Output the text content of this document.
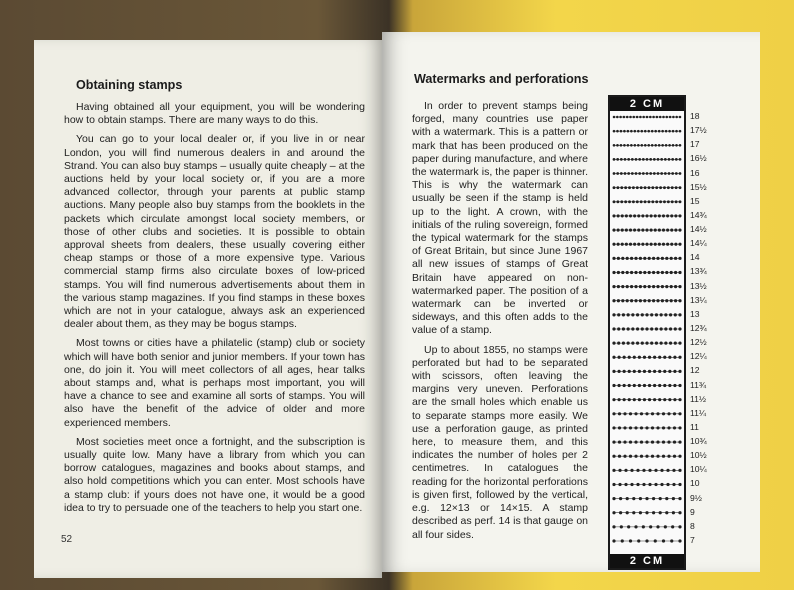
Obtaining stamps

Having obtained all your equipment, you will be wondering how to obtain stamps. There are many ways to do this.

You can go to your local dealer or, if you live in or near London, you will find numerous dealers in and around the Strand. You can also buy stamps – usually quite cheaply – at the auctions held by your local society or, if you are a more advanced collector, through your parents at public stamp auctions. Many people also buy stamps from the booklets in the packets which circulate amongst local society members, or those of other clubs and societies. It is possible to obtain approval sheets from dealers, these usually covering either cheap stamps or those of a more expensive type. Various commercial stamp firms also circulate boxes of low-priced stamps. You will find numerous advertisements about them in the various stamp magazines. If you find stamps in these boxes which are not in your catalogue, always ask an experienced dealer about them, as they may be bogus stamps.

Most towns or cities have a philatelic (stamp) club or society which will have both senior and junior members. If your town has one, do join it. You will meet collectors of all ages, hear talks about stamps and, what is perhaps most important, you will have a chance to see and examine all sorts of stamps. You will also have the benefit of the advice of older and more experienced members.

Most societies meet once a fortnight, and the subscription is usually quite low. Many have a library from which you can borrow catalogues, magazines and books about stamps, and also hold competitions which you can enter. Most schools have a stamp club: if yours does not have one, it would be a good idea to try to persuade one of the teachers to help you start one.

52
Watermarks and perforations

In order to prevent stamps being forged, many countries use paper with a watermark. This is a pattern or mark that has been produced on the paper during manufacture, and where the watermark is, the paper is thinner. This is why the watermark can usually be seen if the stamp is held up to the light. A crown, with the initials of the ruling sovereign, formed the typical watermark for the stamps of Great Britain, but since June 1967 all new issues of stamps of Great Britain have appeared on non-watermarked paper. The position of a watermark can be inverted or sideways, and this often adds to the value of a stamp.

Up to about 1855, no stamps were perforated but had to be separated with scissors, often leaving the margins very uneven. Perforations are the small holes which enable us to separate stamps more easily. We use a perforation gauge, as printed here, to measure them, and this indicates the number of holes per 2 centimetres. In catalogues the reading for the horizontal perforations is given first, followed by the vertical, e.g. 12×13 or 14×15. A stamp described as perf. 14 is that gauge on all four sides.

2 CM
2 CM
18
17½
17
16½
16
15½
15
14¾
14½
14¼
14
13¾
13½
13¼
13
12¾
12½
12¼
12
11¾
11½
11¼
11
10¾
10½
10¼
10
9½
9
8
7
